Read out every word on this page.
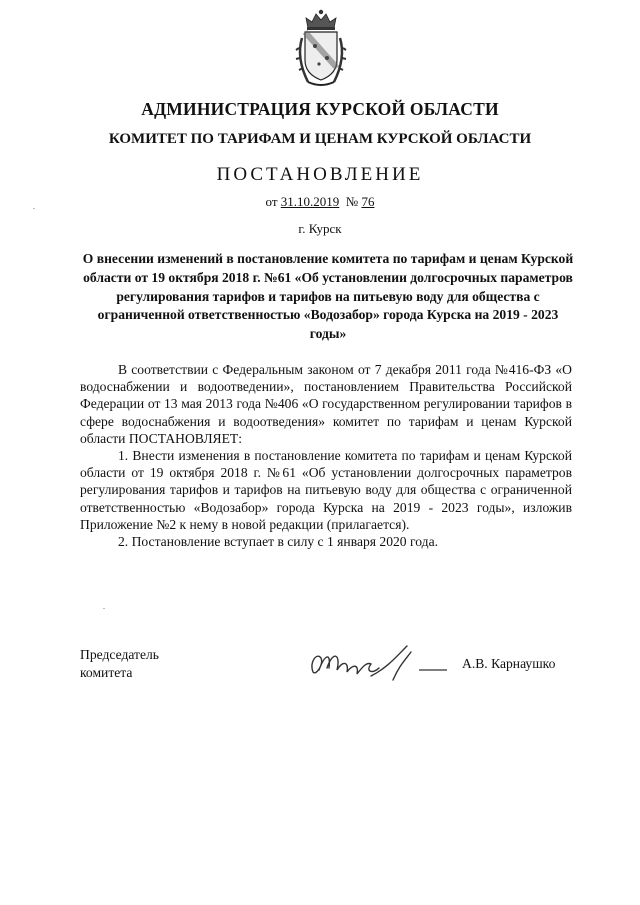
АДМИНИСТРАЦИЯ КУРСКОЙ ОБЛАСТИ
КОМИТЕТ ПО ТАРИФАМ И ЦЕНАМ КУРСКОЙ ОБЛАСТИ
ПОСТАНОВЛЕНИЕ
от 31.10.2019 № 76
г. Курск
О внесении изменений в постановление комитета по тарифам и ценам Курской области от 19 октября 2018 г. №61 «Об установлении долгосрочных параметров регулирования тарифов и тарифов на питьевую воду для общества с ограниченной ответственностью «Водозабор» города Курска на 2019 - 2023 годы»

В соответствии с Федеральным законом от 7 декабря 2011 года №416-ФЗ «О водоснабжении и водоотведении», постановлением Правительства Российской Федерации от 13 мая 2013 года №406 «О государственном регулировании тарифов в сфере водоснабжения и водоотведения» комитет по тарифам и ценам Курской области ПОСТАНОВЛЯЕТ:

1. Внести изменения в постановление комитета по тарифам и ценам Курской области от 19 октября 2018 г. №61 «Об установлении долгосрочных параметров регулирования тарифов и тарифов на питьевую воду для общества с ограниченной ответственностью «Водозабор» города Курска на 2019 - 2023 годы», изложив Приложение №2 к нему в новой редакции (прилагается).

2. Постановление вступает в силу с 1 января 2020 года.

Председатель
комитета
А.В. Карнаушко
